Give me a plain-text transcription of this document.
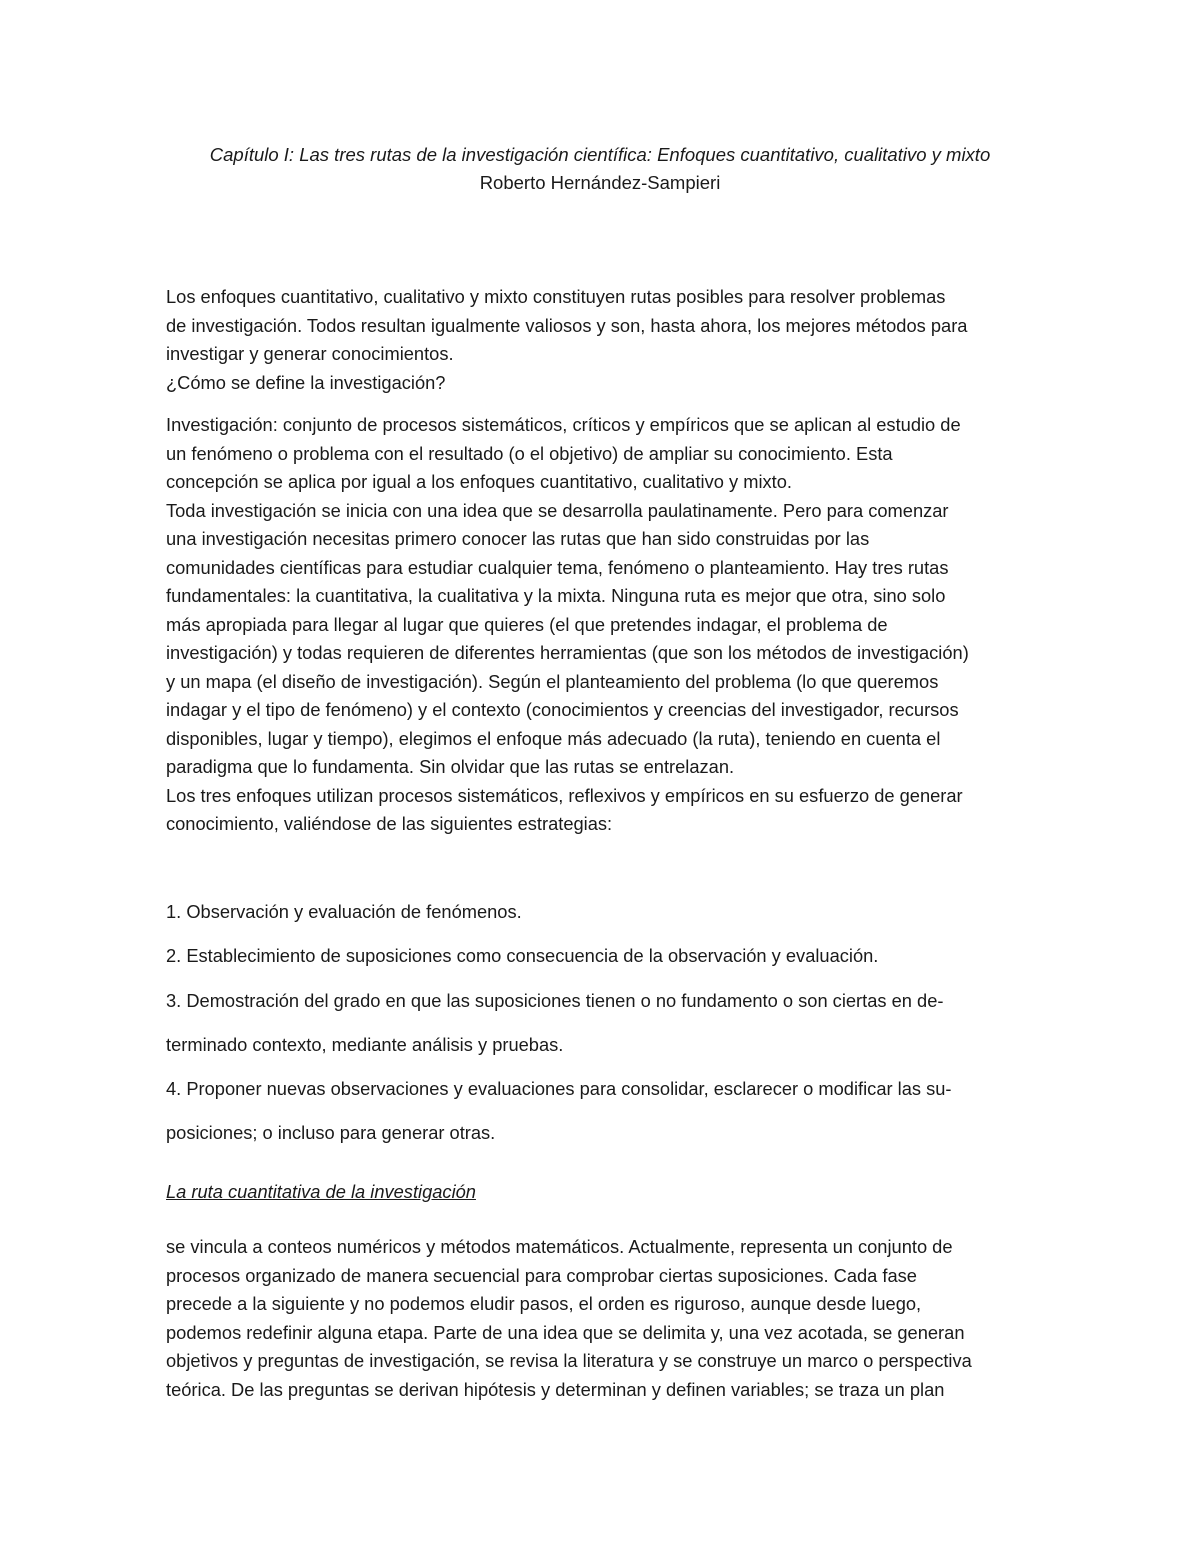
Capítulo I: Las tres rutas de la investigación científica: Enfoques cuantitativo, cualitativo y mixto

Roberto Hernández-Sampieri

Los enfoques cuantitativo, cualitativo y mixto constituyen rutas posibles para resolver problemas
de investigación. Todos resultan igualmente valiosos y son, hasta ahora, los mejores métodos para
investigar y generar conocimientos.
¿Cómo se define la investigación?
Investigación: conjunto de procesos sistemáticos, críticos y empíricos que se aplican al estudio de
un fenómeno o problema con el resultado (o el objetivo) de ampliar su conocimiento. Esta
concepción se aplica por igual a los enfoques cuantitativo, cualitativo y mixto.
Toda investigación se inicia con una idea que se desarrolla paulatinamente. Pero para comenzar
una investigación necesitas primero conocer las rutas que han sido construidas por las
comunidades científicas para estudiar cualquier tema, fenómeno o planteamiento. Hay tres rutas
fundamentales: la cuantitativa, la cualitativa y la mixta. Ninguna ruta es mejor que otra, sino solo
más apropiada para llegar al lugar que quieres (el que pretendes indagar, el problema de
investigación) y todas requieren de diferentes herramientas (que son los métodos de investigación)
y un mapa (el diseño de investigación). Según el planteamiento del problema (lo que queremos
indagar y el tipo de fenómeno) y el contexto (conocimientos y creencias del investigador, recursos
disponibles, lugar y tiempo), elegimos el enfoque más adecuado (la ruta), teniendo en cuenta el
paradigma que lo fundamenta. Sin olvidar que las rutas se entrelazan.
Los tres enfoques utilizan procesos sistemáticos, reflexivos y empíricos en su esfuerzo de generar
conocimiento, valiéndose de las siguientes estrategias:

1. Observación y evaluación de fenómenos.

2. Establecimiento de suposiciones como consecuencia de la observación y evaluación.

3. Demostración del grado en que las suposiciones tienen o no fundamento o son ciertas en de-

terminado contexto, mediante análisis y pruebas.

4. Proponer nuevas observaciones y evaluaciones para consolidar, esclarecer o modificar las su-

posiciones; o incluso para generar otras.

La ruta cuantitativa de la investigación

se vincula a conteos numéricos y métodos matemáticos. Actualmente, representa un conjunto de
procesos organizado de manera secuencial para comprobar ciertas suposiciones. Cada fase
precede a la siguiente y no podemos eludir pasos, el orden es riguroso, aunque desde luego,
podemos redefinir alguna etapa. Parte de una idea que se delimita y, una vez acotada, se generan
objetivos y preguntas de investigación, se revisa la literatura y se construye un marco o perspectiva
teórica. De las preguntas se derivan hipótesis y determinan y definen variables; se traza un plan
